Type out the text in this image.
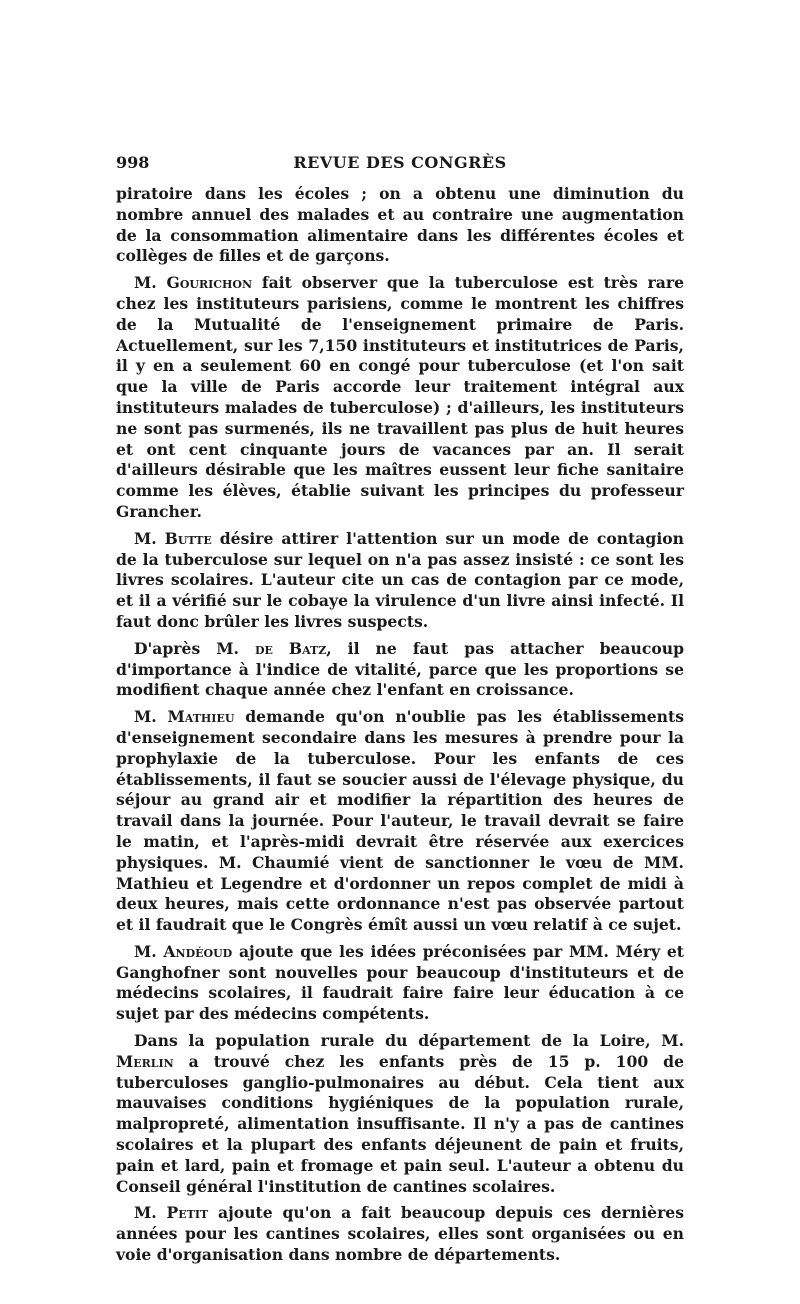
998	REVUE DES CONGRÈS

piratoire dans les écoles ; on a obtenu une diminution du nombre annuel des malades et au contraire une augmentation de la consommation alimentaire dans les différentes écoles et collèges de filles et de garçons.

M. Gourichon fait observer que la tuberculose est très rare chez les instituteurs parisiens, comme le montrent les chiffres de la Mutualité de l'enseignement primaire de Paris. Actuellement, sur les 7,150 instituteurs et institutrices de Paris, il y en a seulement 60 en congé pour tuberculose (et l'on sait que la ville de Paris accorde leur traitement intégral aux instituteurs malades de tuberculose) ; d'ailleurs, les instituteurs ne sont pas surmenés, ils ne travaillent pas plus de huit heures et ont cent cinquante jours de vacances par an. Il serait d'ailleurs désirable que les maîtres eussent leur fiche sanitaire comme les élèves, établie suivant les principes du professeur Grancher.

M. Butte désire attirer l'attention sur un mode de contagion de la tuberculose sur lequel on n'a pas assez insisté : ce sont les livres scolaires. L'auteur cite un cas de contagion par ce mode, et il a vérifié sur le cobaye la virulence d'un livre ainsi infecté. Il faut donc brûler les livres suspects.

D'après M. de Batz, il ne faut pas attacher beaucoup d'importance à l'indice de vitalité, parce que les proportions se modifient chaque année chez l'enfant en croissance.

M. Mathieu demande qu'on n'oublie pas les établissements d'enseignement secondaire dans les mesures à prendre pour la prophylaxie de la tuberculose. Pour les enfants de ces établissements, il faut se soucier aussi de l'élevage physique, du séjour au grand air et modifier la répartition des heures de travail dans la journée. Pour l'auteur, le travail devrait se faire le matin, et l'après-midi devrait être réservée aux exercices physiques. M. Chaumié vient de sanctionner le vœu de MM. Mathieu et Legendre et d'ordonner un repos complet de midi à deux heures, mais cette ordonnance n'est pas observée partout et il faudrait que le Congrès émît aussi un vœu relatif à ce sujet.

M. Andéoud ajoute que les idées préconisées par MM. Méry et Ganghofner sont nouvelles pour beaucoup d'instituteurs et de médecins scolaires, il faudrait faire faire leur éducation à ce sujet par des médecins compétents.

Dans la population rurale du département de la Loire, M. Merlin a trouvé chez les enfants près de 15 p. 100 de tuberculoses ganglio-pulmonaires au début. Cela tient aux mauvaises conditions hygiéniques de la population rurale, malpropreté, alimentation insuffisante. Il n'y a pas de cantines scolaires et la plupart des enfants déjeunent de pain et fruits, pain et lard, pain et fromage et pain seul. L'auteur a obtenu du Conseil général l'institution de cantines scolaires.

M. Petit ajoute qu'on a fait beaucoup depuis ces dernières années pour les cantines scolaires, elles sont organisées ou en voie d'organisation dans nombre de départements.
